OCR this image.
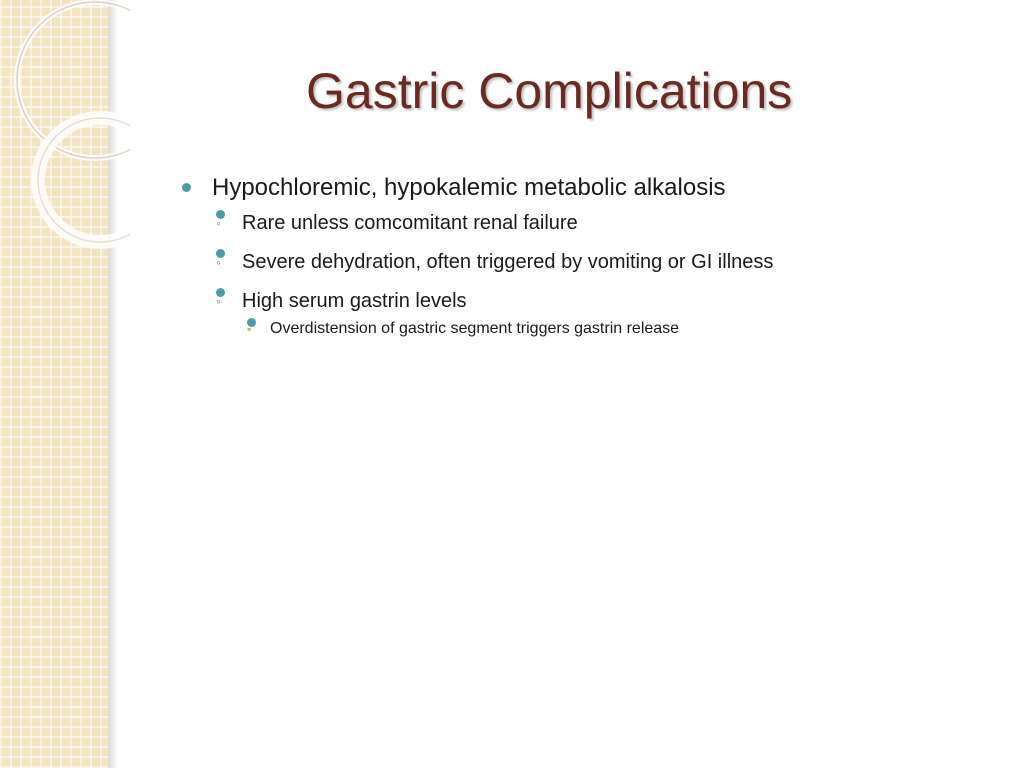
Gastric Complications
Hypochloremic, hypokalemic metabolic alkalosis
◦ Rare unless comcomitant renal failure
◦ Severe dehydration, often triggered by vomiting or GI illness
◦ High serum gastrin levels
▪ Overdistension of gastric segment triggers gastrin release
